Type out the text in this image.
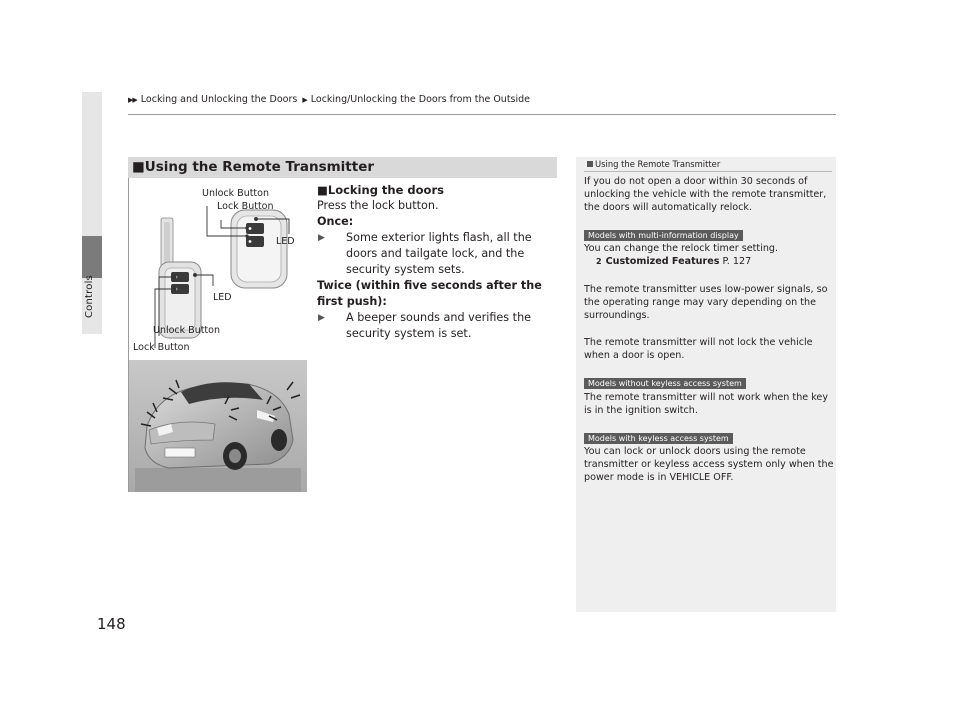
Controls
▶▶ Locking and Unlocking the Doors ▶ Locking/Unlocking the Doors from the Outside
■Using the Remote Transmitter
Unlock Button
Lock Button
LED
LED
Unlock Button
Lock Button

■Locking the doors

Press the lock button.

Once:

▶	Some exterior lights flash, all the doors and tailgate lock, and the security system sets.

Twice (within five seconds after the first push):

▶	A beeper sounds and verifies the security system is set.

Using the Remote Transmitter
If you do not open a door within 30 seconds of unlocking the vehicle with the remote transmitter, the doors will automatically relock.
Models with multi-information display
You can change the relock timer setting.
2 Customized Features P. 127
The remote transmitter uses low-power signals, so the operating range may vary depending on the surroundings.
The remote transmitter will not lock the vehicle when a door is open.
Models without keyless access system
The remote transmitter will not work when the key is in the ignition switch.
Models with keyless access system
You can lock or unlock doors using the remote transmitter or keyless access system only when the power mode is in VEHICLE OFF.
148
